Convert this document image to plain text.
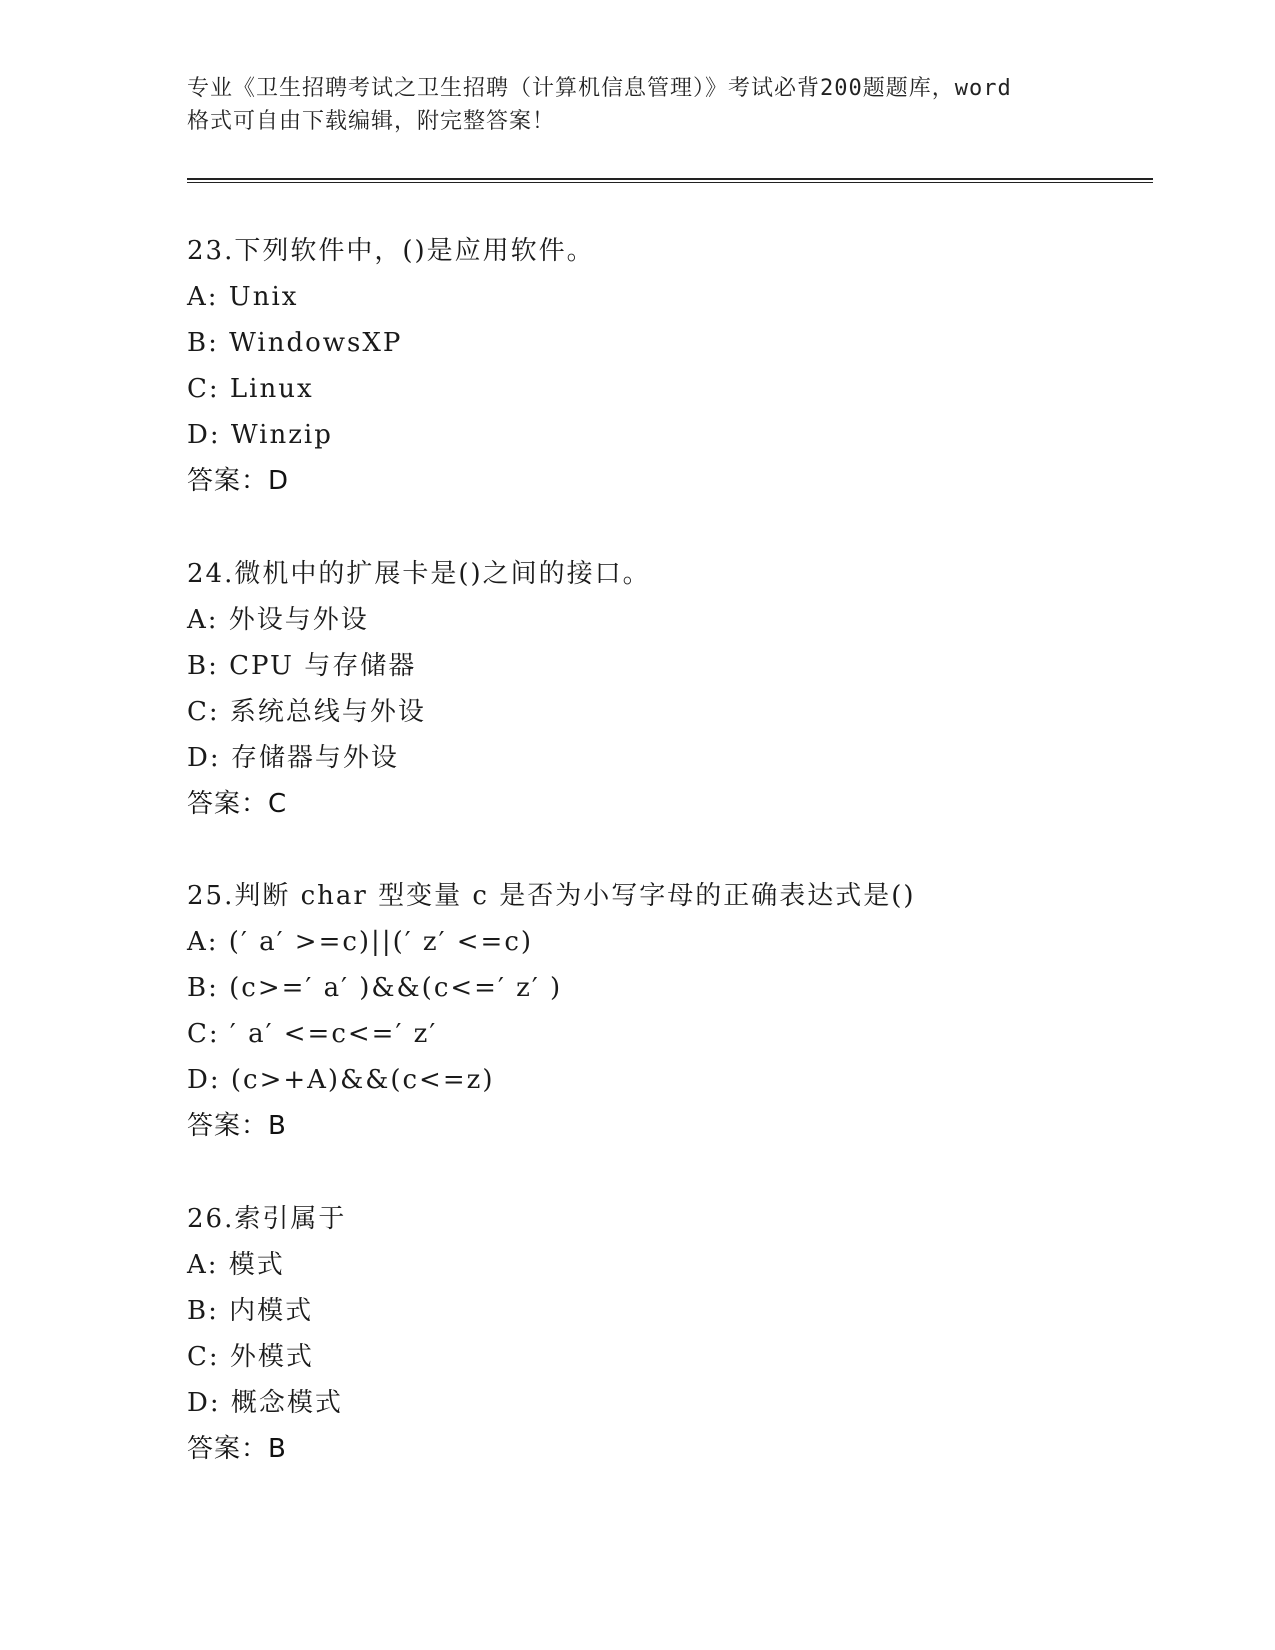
专业《卫生招聘考试之卫生招聘（计算机信息管理）》考试必背200题题库，word
格式可自由下载编辑，附完整答案！
23.下列软件中，()是应用软件。
A: Unix
B: WindowsXP
C: Linux
D: Winzip
答案：D
24.微机中的扩展卡是()之间的接口。
A: 外设与外设
B: CPU 与存储器
C: 系统总线与外设
D: 存储器与外设
答案：C
25.判断 char 型变量 c 是否为小写字母的正确表达式是()
A: (′ a′ >=c)||(′ z′ <=c)
B: (c>=′ a′ )&&(c<=′ z′ )
C: ′ a′ <=c<=′ z′
D: (c>+A)&&(c<=z)
答案：B
26.索引属于
A: 模式
B: 内模式
C: 外模式
D: 概念模式
答案：B
